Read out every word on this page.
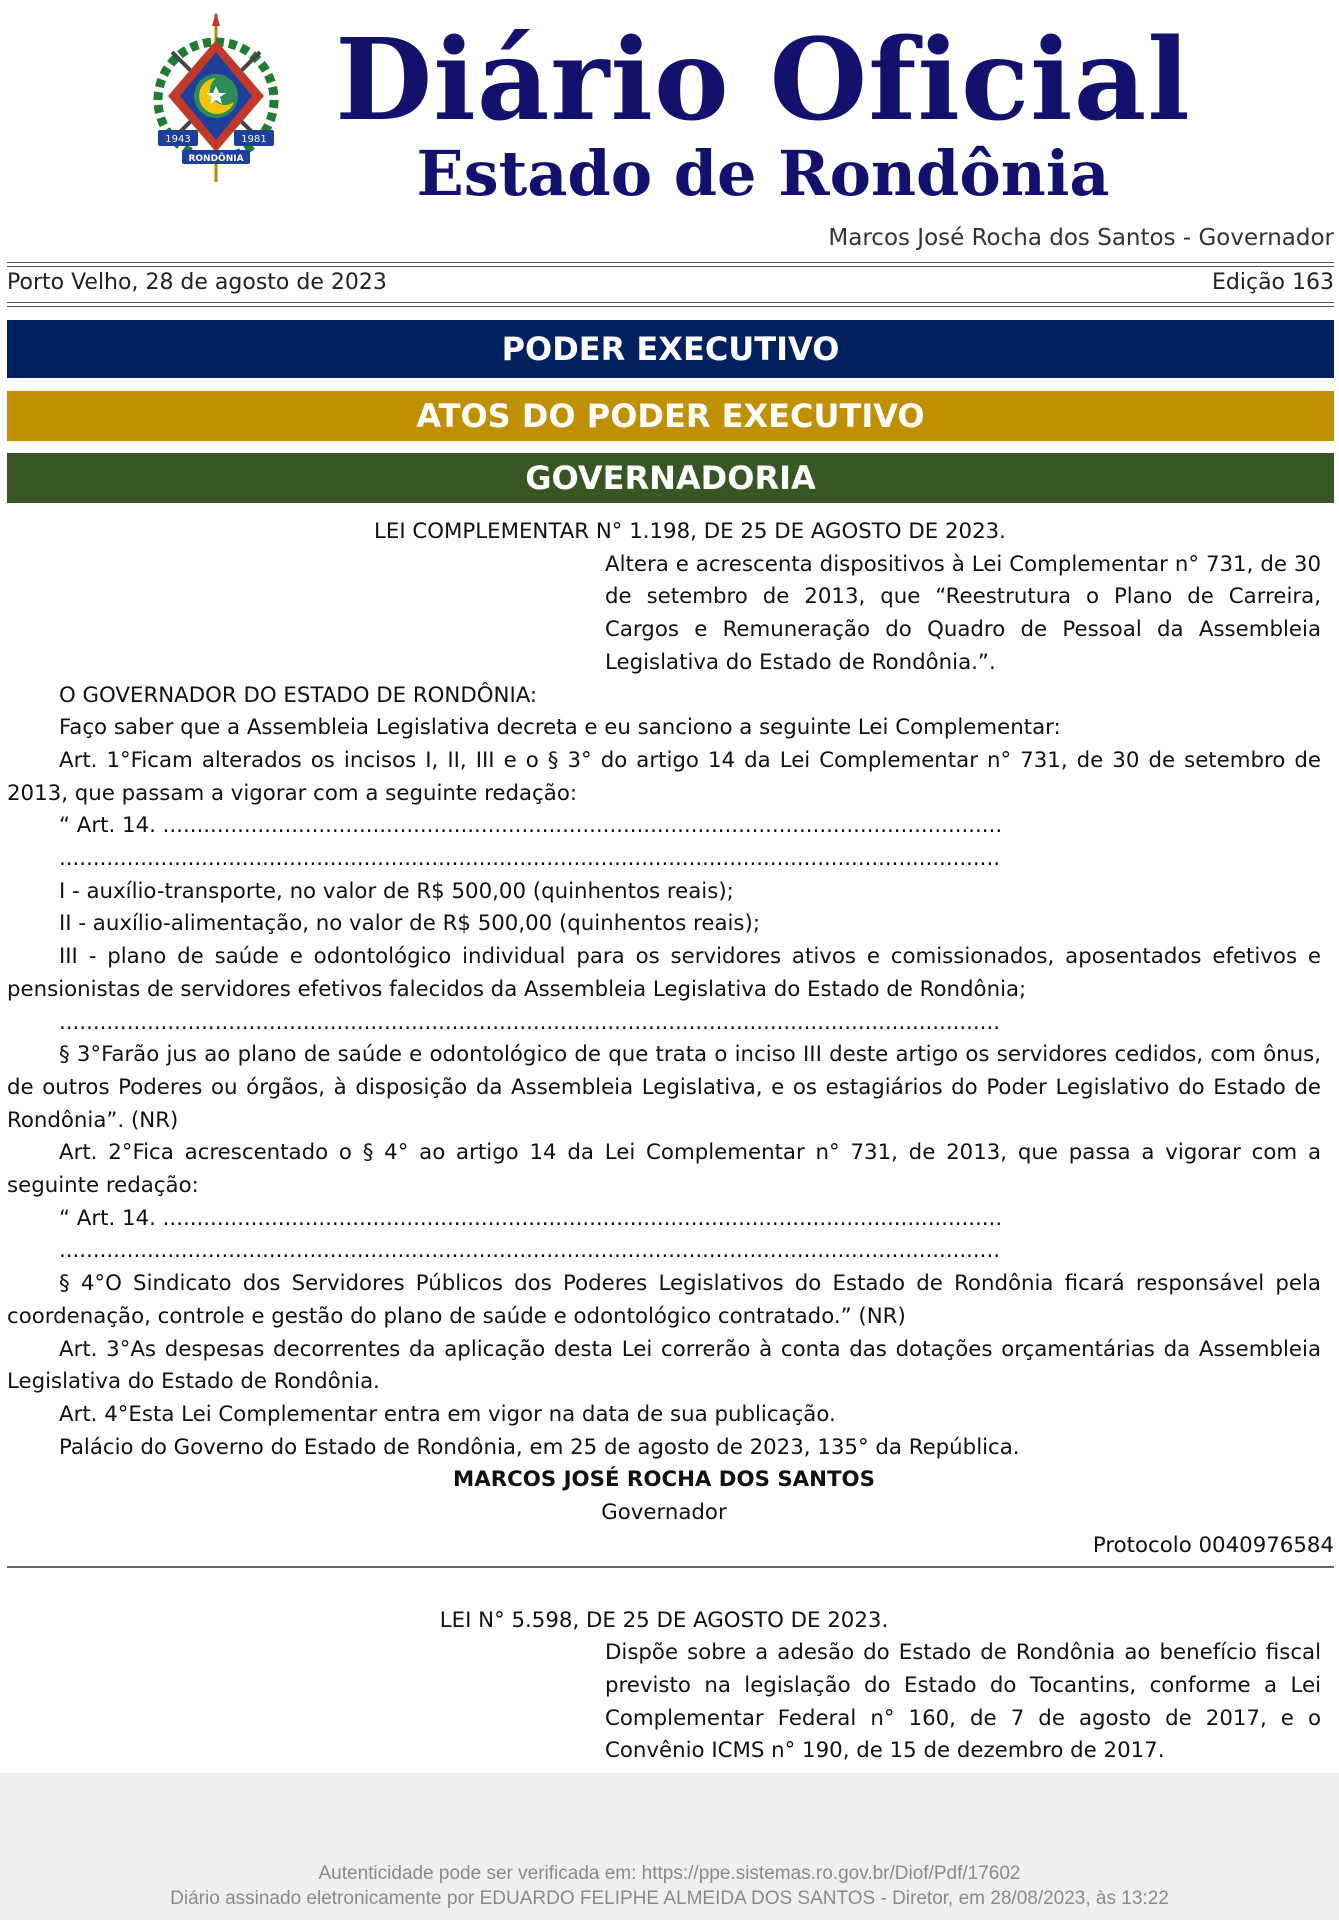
1943	1981
RONDÔNIA
Diário Oficial
Estado de Rondônia
Marcos José Rocha dos Santos - Governador
Porto Velho, 28 de agosto de 2023	Edição 163
PODER EXECUTIVO
ATOS DO PODER EXECUTIVO
GOVERNADORIA

LEI COMPLEMENTAR N° 1.198, DE 25 DE AGOSTO DE 2023.

Altera e acrescenta dispositivos à Lei Complementar n° 731, de 30 de setembro de 2013, que “Reestrutura o Plano de Carreira, Cargos e Remuneração do Quadro de Pessoal da Assembleia Legislativa do Estado de Rondônia.”.

O GOVERNADOR DO ESTADO DE RONDÔNIA:

Faço saber que a Assembleia Legislativa decreta e eu sanciono a seguinte Lei Complementar:

Art. 1°Ficam alterados os incisos I, II, III e o § 3° do artigo 14 da Lei Complementar n° 731, de 30 de setembro de 2013, que passam a vigorar com a seguinte redação:

“ Art. 14. ............................................................................................................................

...........................................................................................................................................

I - auxílio-transporte, no valor de R$ 500,00 (quinhentos reais);

II - auxílio-alimentação, no valor de R$ 500,00 (quinhentos reais);

III - plano de saúde e odontológico individual para os servidores ativos e comissionados, aposentados efetivos e pensionistas de servidores efetivos falecidos da Assembleia Legislativa do Estado de Rondônia;

...........................................................................................................................................

§ 3°Farão jus ao plano de saúde e odontológico de que trata o inciso III deste artigo os servidores cedidos, com ônus, de outros Poderes ou órgãos, à disposição da Assembleia Legislativa, e os estagiários do Poder Legislativo do Estado de Rondônia”. (NR)

Art. 2°Fica acrescentado o § 4° ao artigo 14 da Lei Complementar n° 731, de 2013, que passa a vigorar com a seguinte redação:

“ Art. 14. ............................................................................................................................

...........................................................................................................................................

§ 4°O Sindicato dos Servidores Públicos dos Poderes Legislativos do Estado de Rondônia ficará responsável pela coordenação, controle e gestão do plano de saúde e odontológico contratado.” (NR)

Art. 3°As despesas decorrentes da aplicação desta Lei correrão à conta das dotações orçamentárias da Assembleia Legislativa do Estado de Rondônia.

Art. 4°Esta Lei Complementar entra em vigor na data de sua publicação.

Palácio do Governo do Estado de Rondônia, em 25 de agosto de 2023, 135° da República.

MARCOS JOSÉ ROCHA DOS SANTOS

Governador

Protocolo 0040976584

LEI N° 5.598, DE 25 DE AGOSTO DE 2023.

Dispõe sobre a adesão do Estado de Rondônia ao benefício fiscal previsto na legislação do Estado do Tocantins, conforme a Lei Complementar Federal n° 160, de 7 de agosto de 2017, e o Convênio ICMS n° 190, de 15 de dezembro de 2017.

Autenticidade pode ser verificada em: https://ppe.sistemas.ro.gov.br/Diof/Pdf/17602
Diário assinado eletronicamente por EDUARDO FELIPHE ALMEIDA DOS SANTOS - Diretor, em 28/08/2023, às 13:22
